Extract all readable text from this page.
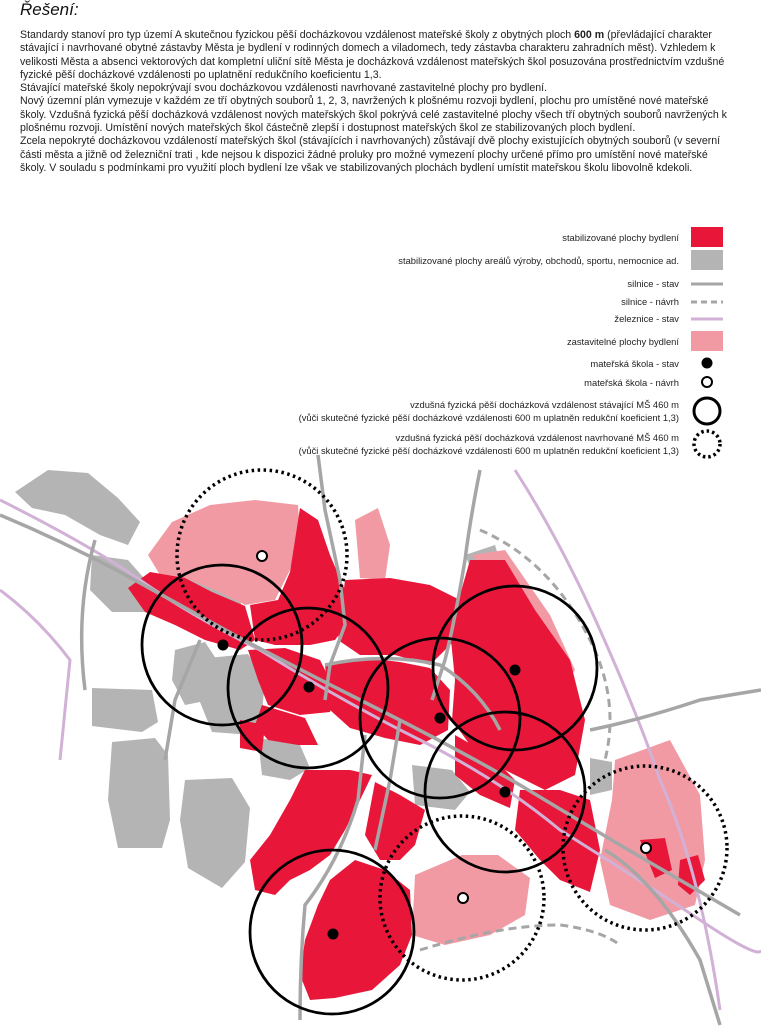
Řešení:

Standardy stanoví pro typ území A skutečnou fyzickou pěší docházkovou vzdálenost mateřské školy z obytných ploch 600 m (převládající charakter stávající i navrhované obytné zástavby Města je bydlení v rodinných domech a viladomech, tedy zástavba charakteru zahradních měst). Vzhledem k velikosti Města a absenci vektorových dat kompletní uliční sítě Města je docházková vzdálenost mateřských škol posuzována prostřednictvím vzdušné fyzické pěší docházkové vzdálenosti po uplatnění redukčního koeficientu 1,3.

Stávající mateřské školy nepokrývají svou docházkovou vzdálenosti navrhované zastavitelné plochy pro bydlení.

Nový územní plán vymezuje v každém ze tří obytných souborů 1, 2, 3, navržených k plošnému rozvoji bydlení, plochu pro umístěné nové mateřské školy. Vzdušná fyzická pěší docházková vzdálenost nových mateřských škol pokrývá celé zastavitelné plochy všech tří obytných souborů navržených k plošnému rozvoji. Umístění nových mateřských škol částečně zlepší i dostupnost mateřských škol ze stabilizovaných ploch bydlení.

Zcela nepokryté docházkovou vzdáleností mateřských škol (stávajících i navrhovaných) zůstávají dvě plochy existujících obytných souborů (v severní části města a jižně od železniční trati , kde nejsou k dispozici žádné proluky pro možné vymezení plochy určené přímo pro umístění nové mateřské školy. V souladu s podmínkami pro využití ploch bydlení lze však ve stabilizovaných plochách bydlení umístit mateřskou školu libovolně kdekoli.

stabilizované plochy bydlení
stabilizované plochy areálů výroby, obchodů, sportu, nemocnice ad.
silnice - stav
silnice - návrh
železnice - stav
zastavitelné plochy bydlení
mateřská škola - stav
mateřská škola - návrh
vzdušná fyzická pěší docházková vzdálenost stávající MŠ 460 m
(vůči skutečné fyzické pěší docházkové vzdálenosti 600 m uplatněn redukční koeficient 1,3)
vzdušná fyzická pěší docházková vzdálenost navrhované MŠ 460 m
(vůči skutečné fyzické pěší docházkové vzdálenosti 600 m uplatněn redukční koeficient 1,3)
